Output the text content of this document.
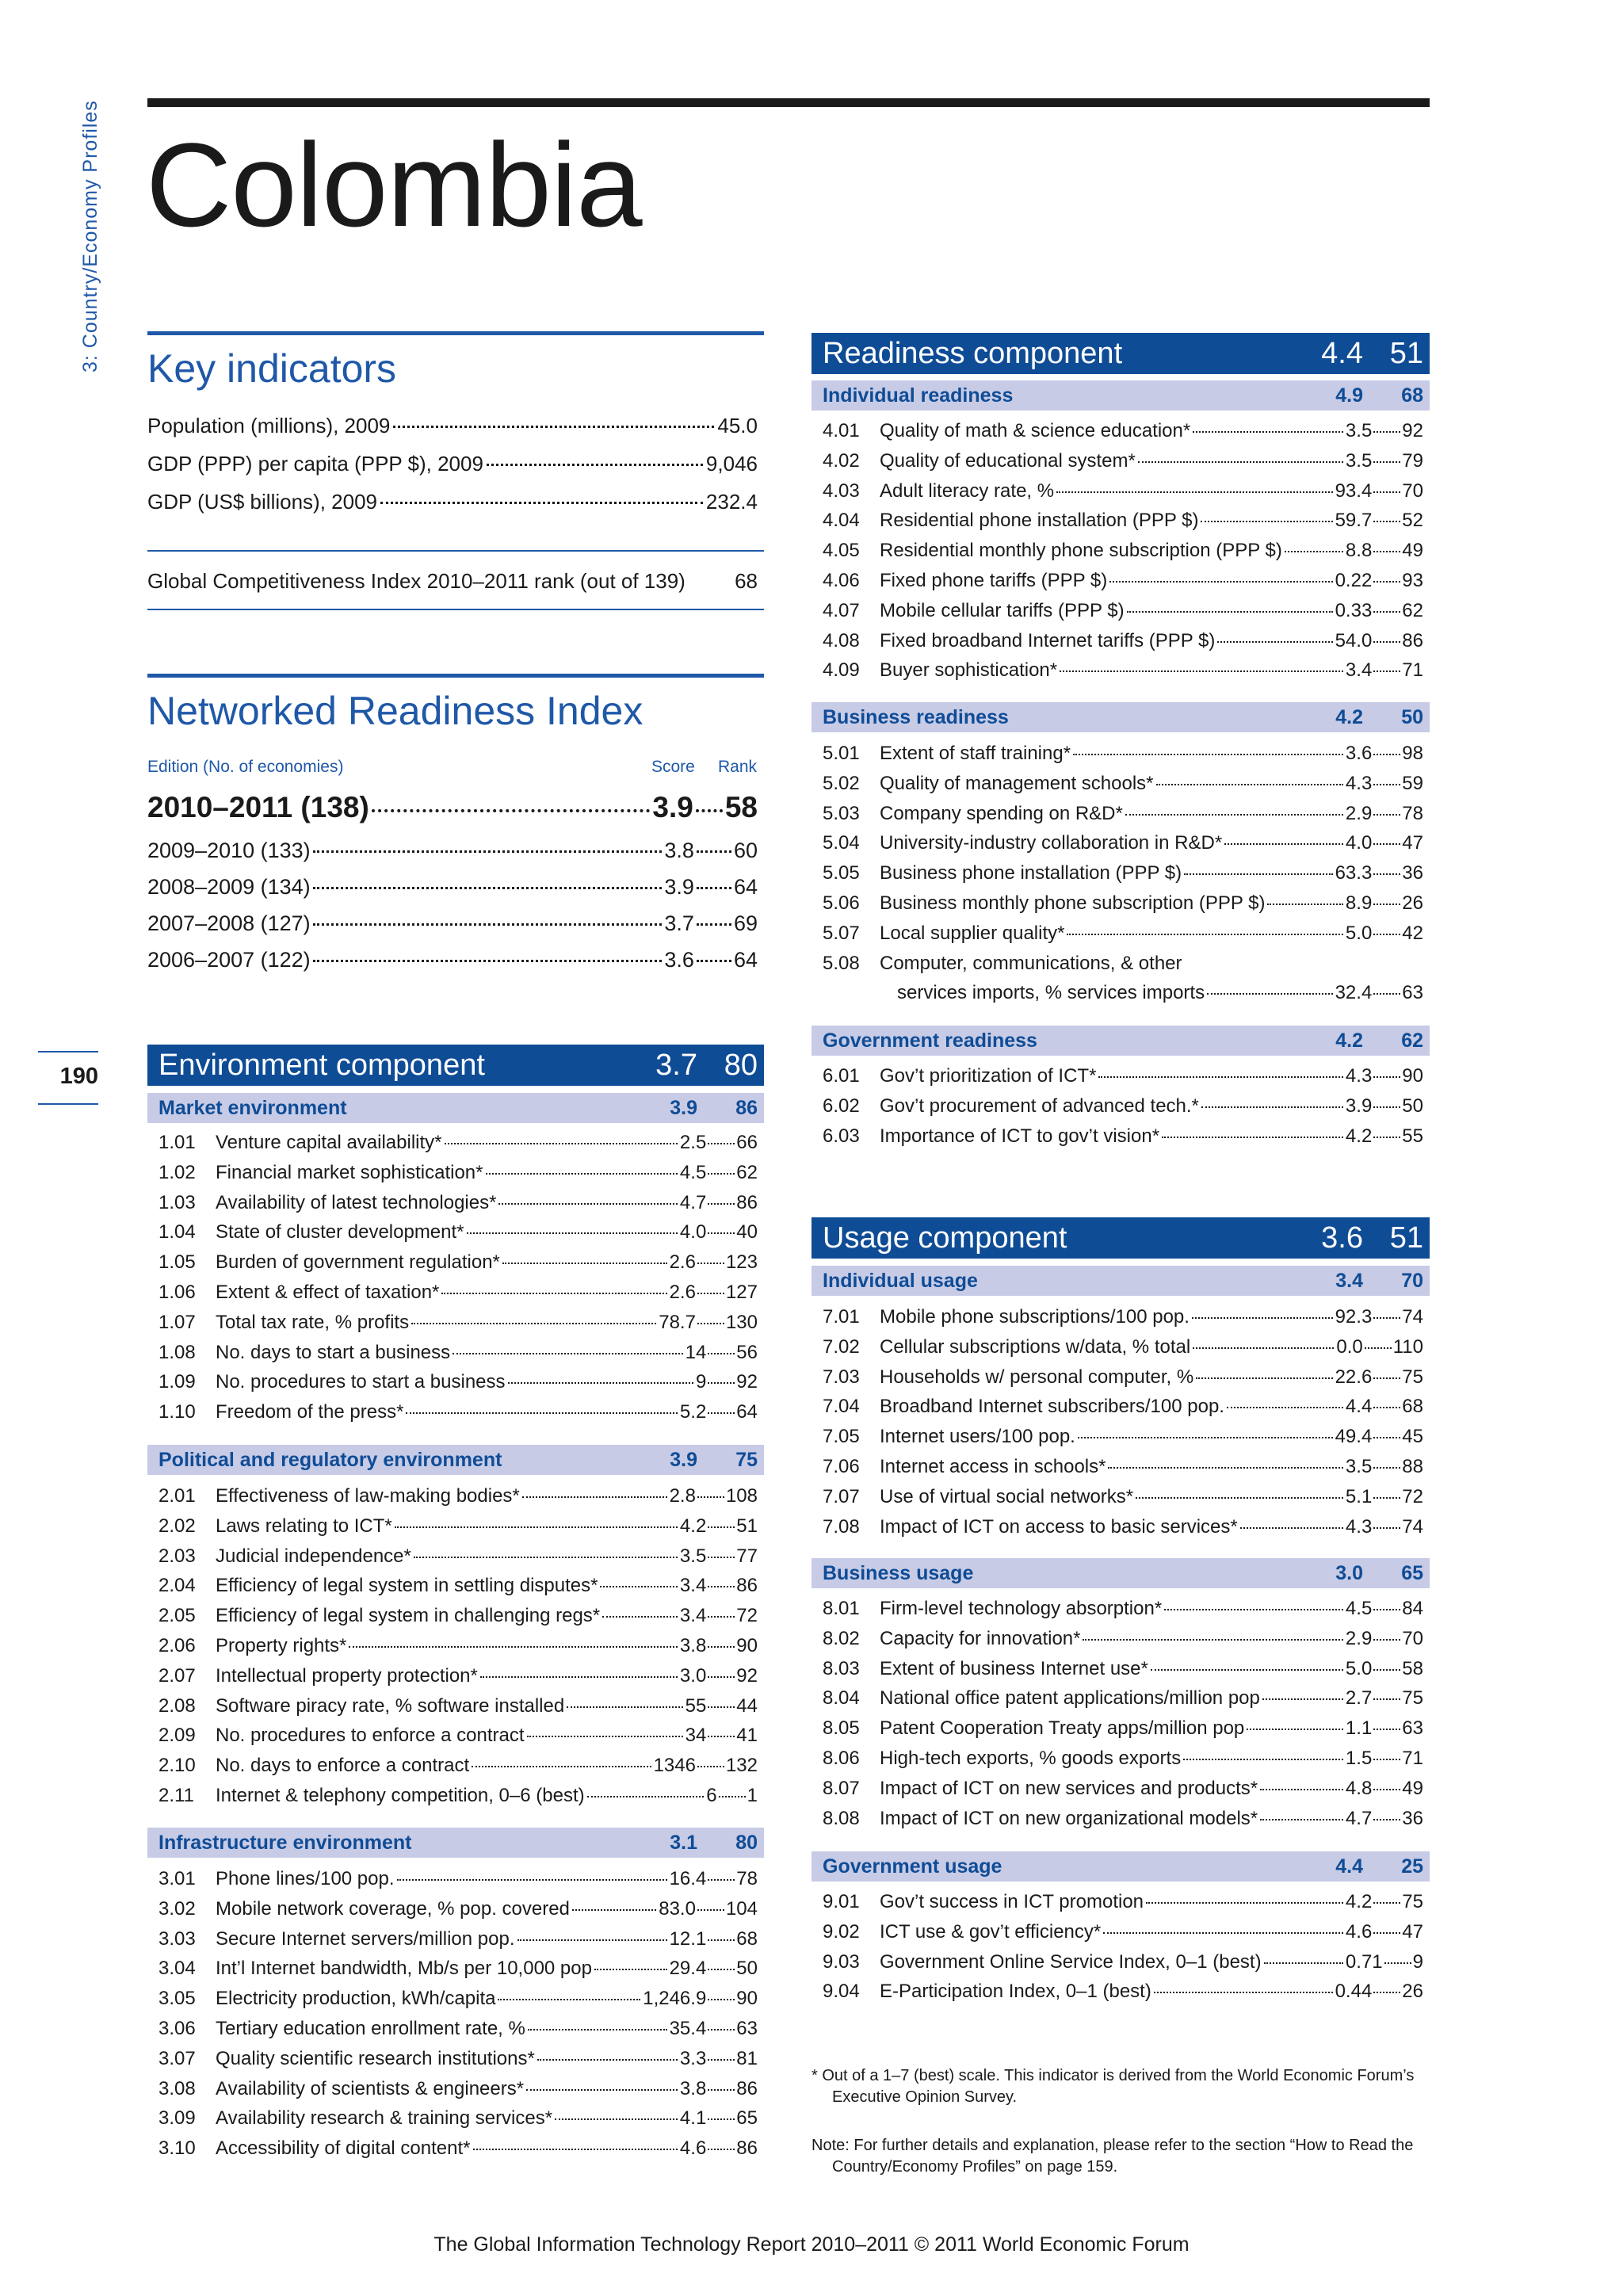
3: Country/Economy Profiles
190
Colombia
Key indicators
Population (millions), 2009	45.0
GDP (PPP) per capita (PPP $), 2009	9,046
GDP (US$ billions), 2009	232.4
Global Competitiveness Index 2010–2011 rank (out of 139) 68
Networked Readiness Index
Edition (No. of economies)	Score Rank
2010–2011 (138)	3.9 58
2009–2010 (133)	3.8 60
2008–2009 (134)	3.9 64
2007–2008 (127)	3.7 69
2006–2007 (122)	3.6 64
Environment component	3.7 80
Market environment	3.9	86
1.01	Venture capital availability*	2.5 66
1.02	Financial market sophistication*	4.5 62
1.03	Availability of latest technologies*	4.7 86
1.04	State of cluster development*	4.0 40
1.05	Burden of government regulation*	2.6 123
1.06	Extent & effect of taxation*	2.6 127
1.07	Total tax rate, % profits	78.7 130
1.08	No. days to start a business	14 56
1.09	No. procedures to start a business	9 92
1.10	Freedom of the press*	5.2 64
Political and regulatory environment	3.9	75
2.01	Effectiveness of law-making bodies*	2.8 108
2.02	Laws relating to ICT*	4.2 51
2.03	Judicial independence*	3.5 77
2.04	Efficiency of legal system in settling disputes*	3.4 86
2.05	Efficiency of legal system in challenging regs*	3.4 72
2.06	Property rights*	3.8 90
2.07	Intellectual property protection*	3.0 92
2.08	Software piracy rate, % software installed	55 44
2.09	No. procedures to enforce a contract	34 41
2.10	No. days to enforce a contract	1346 132
2.11	Internet & telephony competition, 0–6 (best)	6 1
Infrastructure environment	3.1	80
3.01	Phone lines/100 pop.	16.4 78
3.02	Mobile network coverage, % pop. covered	83.0 104
3.03	Secure Internet servers/million pop.	12.1 68
3.04	Int’l Internet bandwidth, Mb/s per 10,000 pop	29.4 50
3.05	Electricity production, kWh/capita	1,246.9 90
3.06	Tertiary education enrollment rate, %	35.4 63
3.07	Quality scientific research institutions*	3.3 81
3.08	Availability of scientists & engineers*	3.8 86
3.09	Availability research & training services*	4.1 65
3.10	Accessibility of digital content*	4.6 86
Readiness component	4.4 51
Individual readiness	4.9	68
4.01	Quality of math & science education*	3.5 92
4.02	Quality of educational system*	3.5 79
4.03	Adult literacy rate, %	93.4 70
4.04	Residential phone installation (PPP $)	59.7 52
4.05	Residential monthly phone subscription (PPP $)	8.8 49
4.06	Fixed phone tariffs (PPP $)	0.22 93
4.07	Mobile cellular tariffs (PPP $)	0.33 62
4.08	Fixed broadband Internet tariffs (PPP $)	54.0 86
4.09	Buyer sophistication*	3.4 71
Business readiness	4.2	50
5.01	Extent of staff training*	3.6 98
5.02	Quality of management schools*	4.3 59
5.03	Company spending on R&D*	2.9 78
5.04	University-industry collaboration in R&D*	4.0 47
5.05	Business phone installation (PPP $)	63.3 36
5.06	Business monthly phone subscription (PPP $)	8.9 26
5.07	Local supplier quality*	5.0 42
5.08	Computer, communications, & other
services imports, % services imports	32.4 63
Government readiness	4.2	62
6.01	Gov’t prioritization of ICT*	4.3 90
6.02	Gov’t procurement of advanced tech.*	3.9 50
6.03	Importance of ICT to gov’t vision*	4.2 55
Usage component	3.6 51
Individual usage	3.4	70
7.01	Mobile phone subscriptions/100 pop.	92.3 74
7.02	Cellular subscriptions w/data, % total	0.0 110
7.03	Households w/ personal computer, %	22.6 75
7.04	Broadband Internet subscribers/100 pop.	4.4 68
7.05	Internet users/100 pop.	49.4 45
7.06	Internet access in schools*	3.5 88
7.07	Use of virtual social networks*	5.1 72
7.08	Impact of ICT on access to basic services*	4.3 74
Business usage	3.0	65
8.01	Firm-level technology absorption*	4.5 84
8.02	Capacity for innovation*	2.9 70
8.03	Extent of business Internet use*	5.0 58
8.04	National office patent applications/million pop	2.7 75
8.05	Patent Cooperation Treaty apps/million pop	1.1 63
8.06	High-tech exports, % goods exports	1.5 71
8.07	Impact of ICT on new services and products*	4.8 49
8.08	Impact of ICT on new organizational models*	4.7 36
Government usage	4.4	25
9.01	Gov’t success in ICT promotion	4.2 75
9.02	ICT use & gov’t efficiency*	4.6 47
9.03	Government Online Service Index, 0–1 (best)	0.71 9
9.04	E-Participation Index, 0–1 (best)	0.44 26
* Out of a 1–7 (best) scale. This indicator is derived from the World Economic Forum’s Executive Opinion Survey.
Note: For further details and explanation, please refer to the section “How to Read the Country/Economy Profiles” on page 159.
The Global Information Technology Report 2010–2011 © 2011 World Economic Forum
